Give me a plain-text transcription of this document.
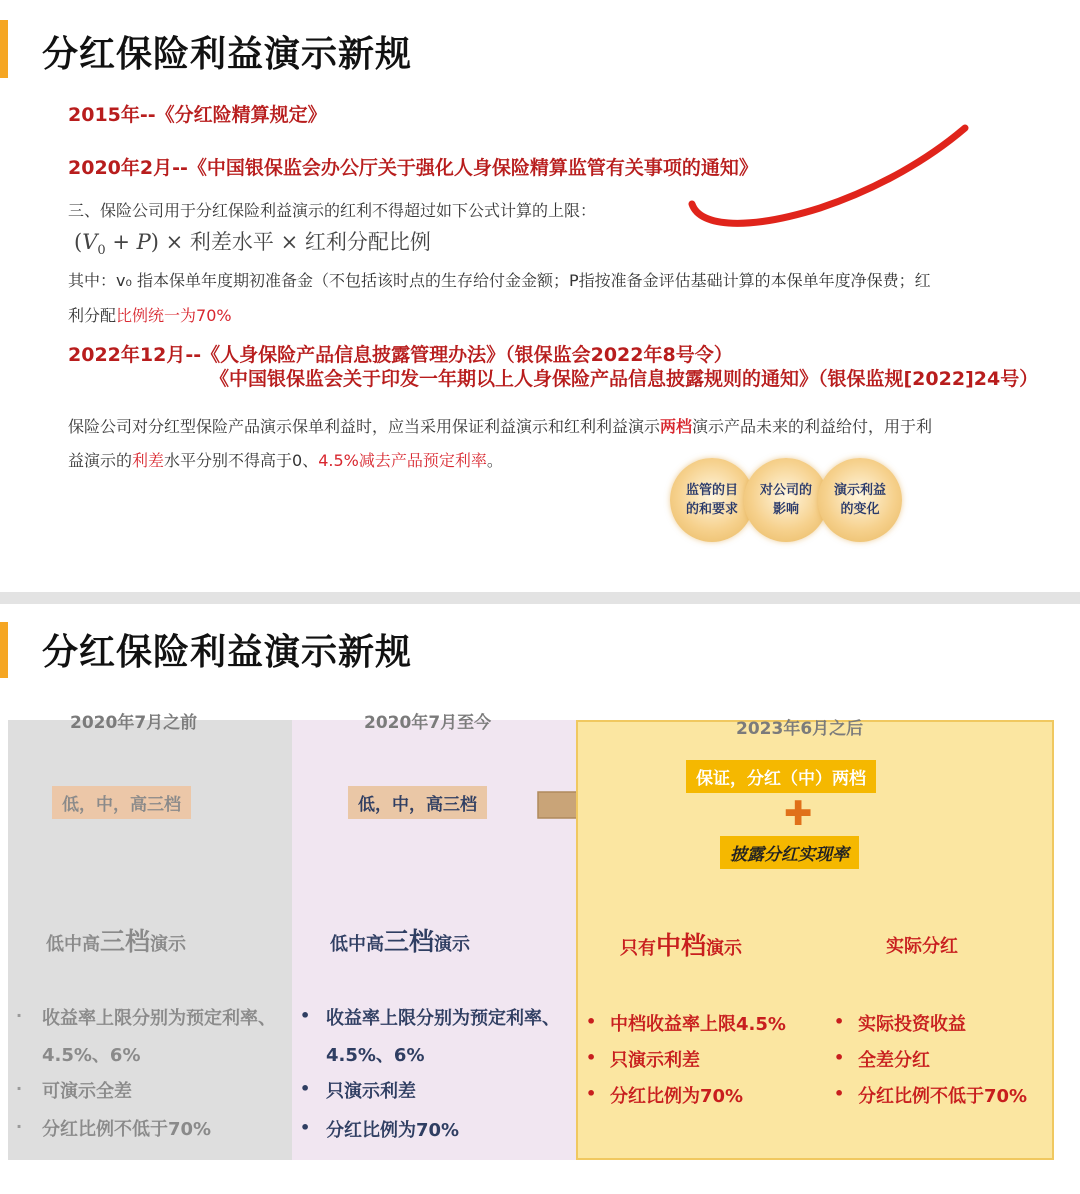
分红保险利益演示新规
2015年--《分红险精算规定》
2020年2月--《中国银保监会办公厅关于强化人身保险精算监管有关事项的通知》
三、保险公司用于分红保险利益演示的红利不得超过如下公式计算的上限：
$(V_0 + P)$ × 利差水平 × 红利分配比例
其中：v₀ 指本保单年度期初准备金（不包括该时点的生存给付金金额；P指按准备金评估基础计算的本保单年度净保费；红
利分配比例统一为70%
2022年12月--《人身保险产品信息披露管理办法》（银保监会2022年8号令）
《中国银保监会关于印发一年期以上人身保险产品信息披露规则的通知》（银保监规[2022]24号）
保险公司对分红型保险产品演示保单利益时，应当采用保证利益演示和红利利益演示两档演示产品未来的利益给付，用于利
益演示的利差水平分别不得高于0、4.5%减去产品预定利率。
监管的目的和要求
对公司的影响
演示利益的变化
分红保险利益演示新规
2020年7月之前
低，中，高三档
低中高三档演示
· 收益率上限分别为预定利率、
4.5%、6%
· 可演示全差
· 分红比例不低于70%
2020年7月至今
低，中，高三档
低中高三档演示
• 收益率上限分别为预定利率、
4.5%、6%
• 只演示利差
• 分红比例为70%
2023年6月之后
保证，分红（中）两档
✚
披露分红实现率
只有中档演示	实际分红
• 中档收益率上限4.5%
• 只演示利差
• 分红比例为70%
• 实际投资收益
• 全差分红
• 分红比例不低于70%
